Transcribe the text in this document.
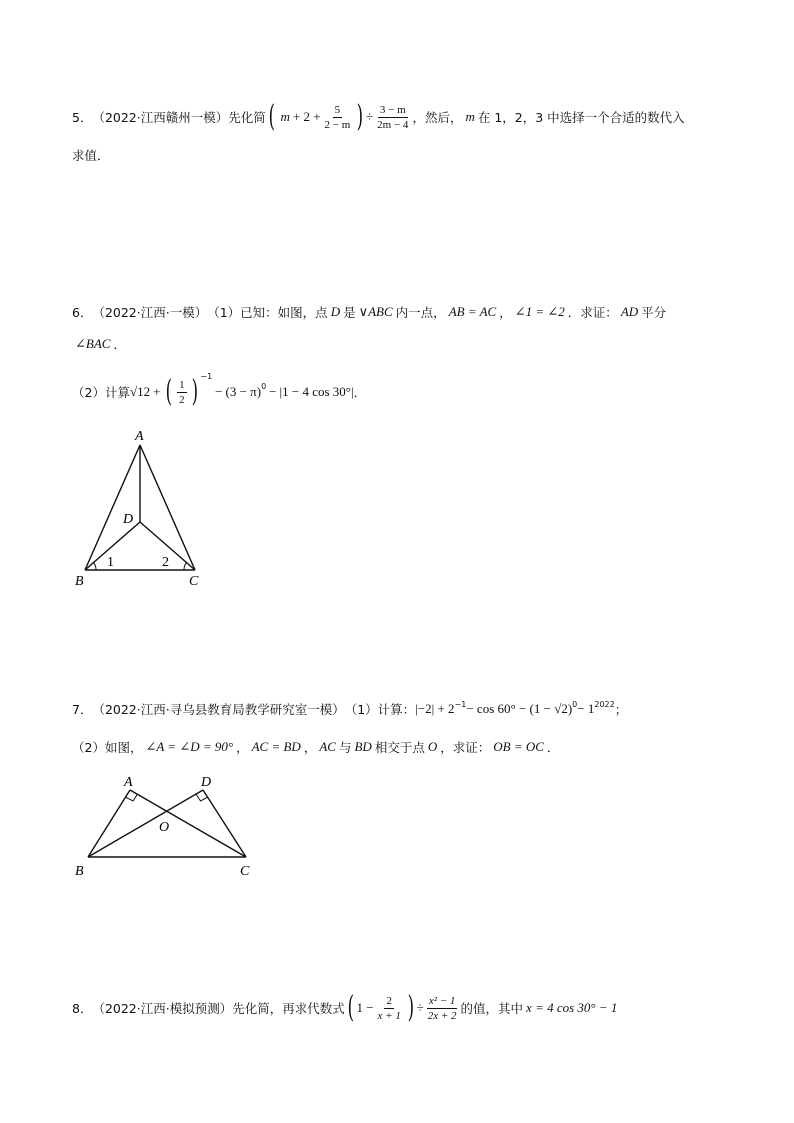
5． （2022·江西赣州一模） 先化简 ( $m + 2 + \frac{5}{2 - m}$ ) ÷ $\frac{3 - m}{2m - 4}$ ，然后， m 在 1，2，3 中选择一个合适的数代入
求值．
6． （2022·江西·一模） （1）已知：如图，点 D 是 ∨ABC 内一点， AB = AC ， ∠1 = ∠2 ．求证： AD 平分
∠BAC ．
（2）计算 √12 + ( $\frac{1}{2}$ ) $^{-1}$
− $(3 - \pi)^0 - |1 - 4$ cos 30°| ．
A
B	C
D
1	2
7． （2022·江西·寻乌县教育局教学研究室一模） （1）计算： $|-2| + 2^{-1} - \cos 60^\circ - (1 - √2)^0 - 1^{2022}$ ；
（2）如图， ∠A = ∠D = 90° ， AC = BD ， AC 与 BD 相交于点 O ，求证： OB = OC ．
A	D
O
B	C
8． （2022·江西·模拟预测） 先化简，再求代数式 ( $1 - \frac{2}{x + 1}$ ) ÷ $\frac{\text{x² − 1}}{2x + 2}$ 的值，其中 x = 4 cos 30° − 1
